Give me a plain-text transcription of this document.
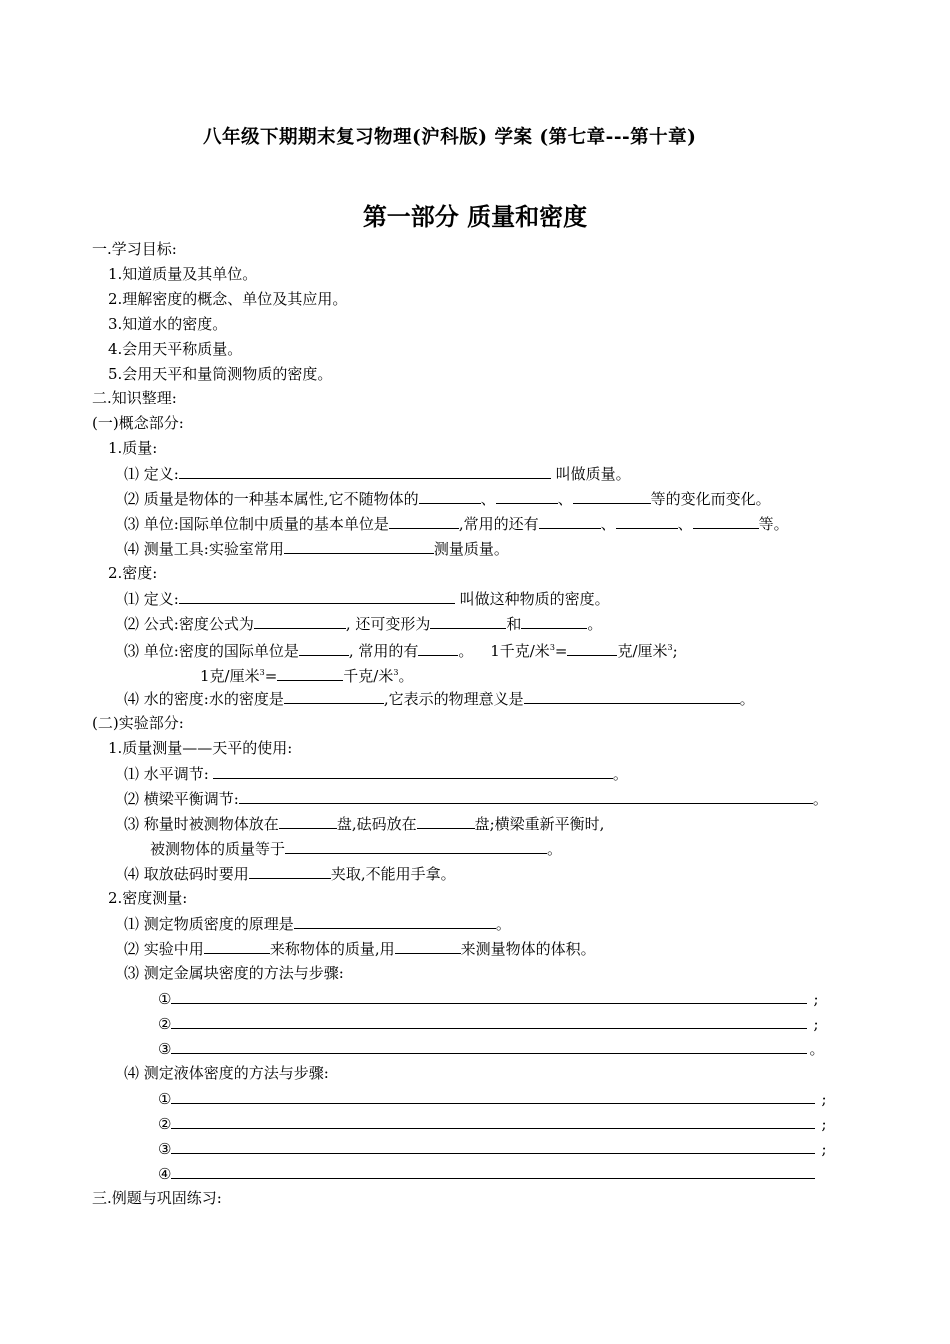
八年级下期期末复习物理(沪科版) 学案 (第七章---第十章)
第一部分 质量和密度
一.学习目标:
1.知道质量及其单位。
2.理解密度的概念、单位及其应用。
3.知道水的密度。
4.会用天平称质量。
5.会用天平和量筒测物质的密度。
二.知识整理:
(一)概念部分:
1.质量:
⑴ 定义:	叫做质量。
⑵ 质量是物体的一种基本属性,它不随物体的	、	、	等的变化而变化。
⑶ 单位:国际单位制中质量的基本单位是	,常用的还有	、	、	等。
⑷ 测量工具:实验室常用	测量质量。
2.密度:
⑴ 定义:	叫做这种物质的密度。
⑵ 公式:密度公式为	, 还可变形为	和	。
⑶ 单位:密度的国际单位是	, 常用的有	。 1千克/米$^3$=	克/厘米$^3$;
1克/厘米$^3$=	千克/米$^3$。
⑷ 水的密度:水的密度是	,它表示的物理意义是	。
(二)实验部分:
1.质量测量——天平的使用:
⑴ 水平调节:	。
⑵ 横梁平衡调节:	。
⑶ 称量时被测物体放在	盘,砝码放在	盘;横梁重新平衡时,
被测物体的质量等于	。
⑷ 取放砝码时要用	夹取,不能用手拿。
2.密度测量:
⑴ 测定物质密度的原理是	。
⑵ 实验中用	来称物体的质量,用	来测量物体的体积。
⑶ 测定金属块密度的方法与步骤:
①	;
②	;
③	。
⑷ 测定液体密度的方法与步骤:
①	;
②	;
③	;
④
三.例题与巩固练习:
